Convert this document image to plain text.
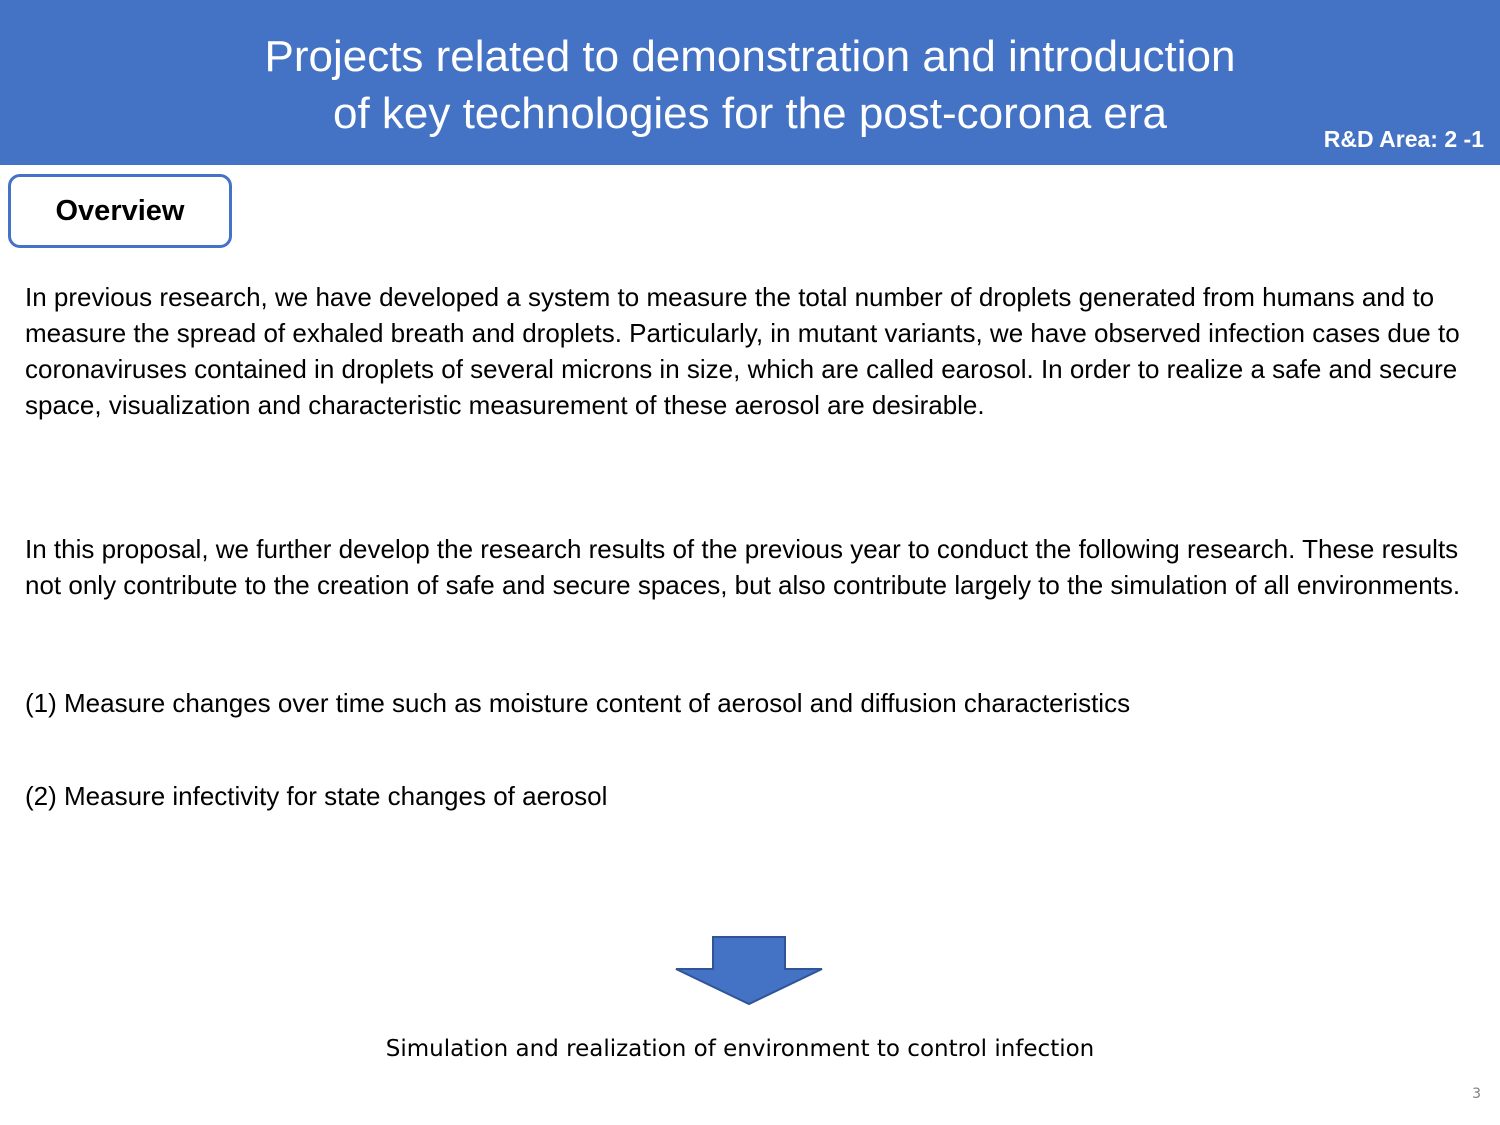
Projects related to demonstration and introduction
of key technologies for the post-corona era
R&D Area: 2 -1
Overview

In previous research, we have developed a system to measure the total number of droplets generated from humans and to measure the spread of exhaled breath and droplets. Particularly, in mutant variants, we have observed infection cases due to coronaviruses contained in droplets of several microns in size, which are called earosol. In order to realize a safe and secure space, visualization and characteristic measurement of these aerosol are desirable.

In this proposal, we further develop the research results of the previous year to conduct the following research. These results not only contribute to the creation of safe and secure spaces, but also contribute largely to the simulation of all environments.

(1) Measure changes over time such as moisture content of aerosol and diffusion characteristics

(2) Measure infectivity for state changes of aerosol

Simulation and realization of environment to control infection
3
